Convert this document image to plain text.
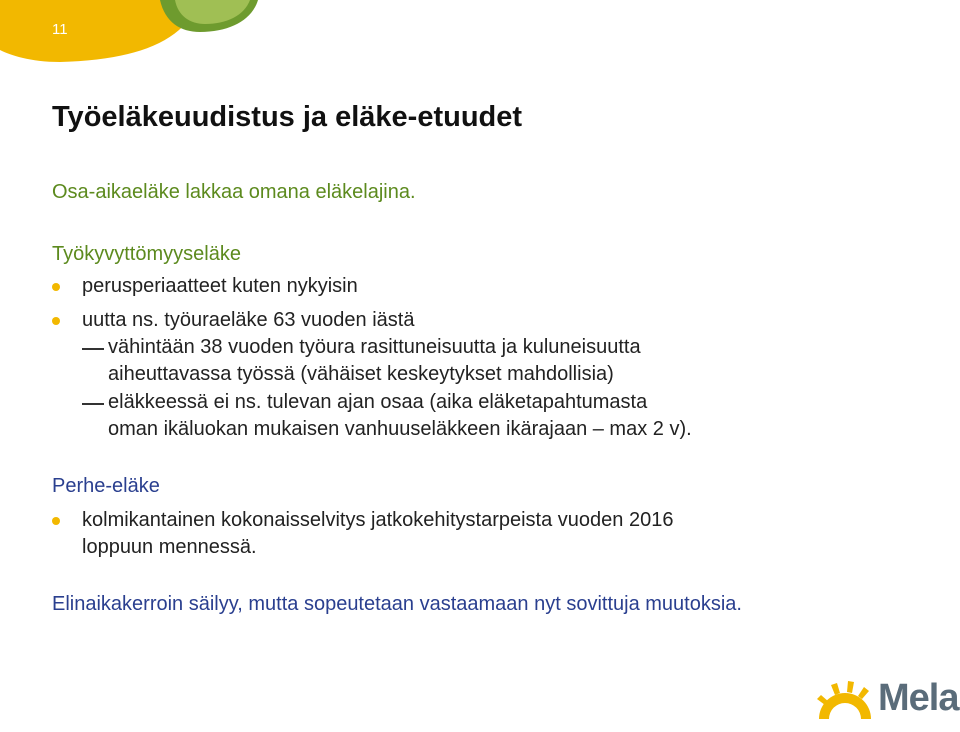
11
Työeläkeuudistus ja eläke-etuudet
Osa-aikaeläke lakkaa omana eläkelajina.
Työkyvyttömyyseläke
perusperiaatteet kuten nykyisin
uutta ns. työuraeläke 63 vuoden iästä
vähintään 38 vuoden työura rasittuneisuutta ja kuluneisuutta
aiheuttavassa työssä (vähäiset keskeytykset mahdollisia)
eläkkeessä ei ns. tulevan ajan osaa (aika eläketapahtumasta
oman ikäluokan mukaisen vanhuuseläkkeen ikärajaan – max 2 v).
Perhe-eläke
kolmikantainen kokonaisselvitys jatkokehitystarpeista vuoden 2016
loppuun mennessä.
Elinaikakerroin säilyy, mutta sopeutetaan vastaamaan nyt sovittuja muutoksia.
Mela
